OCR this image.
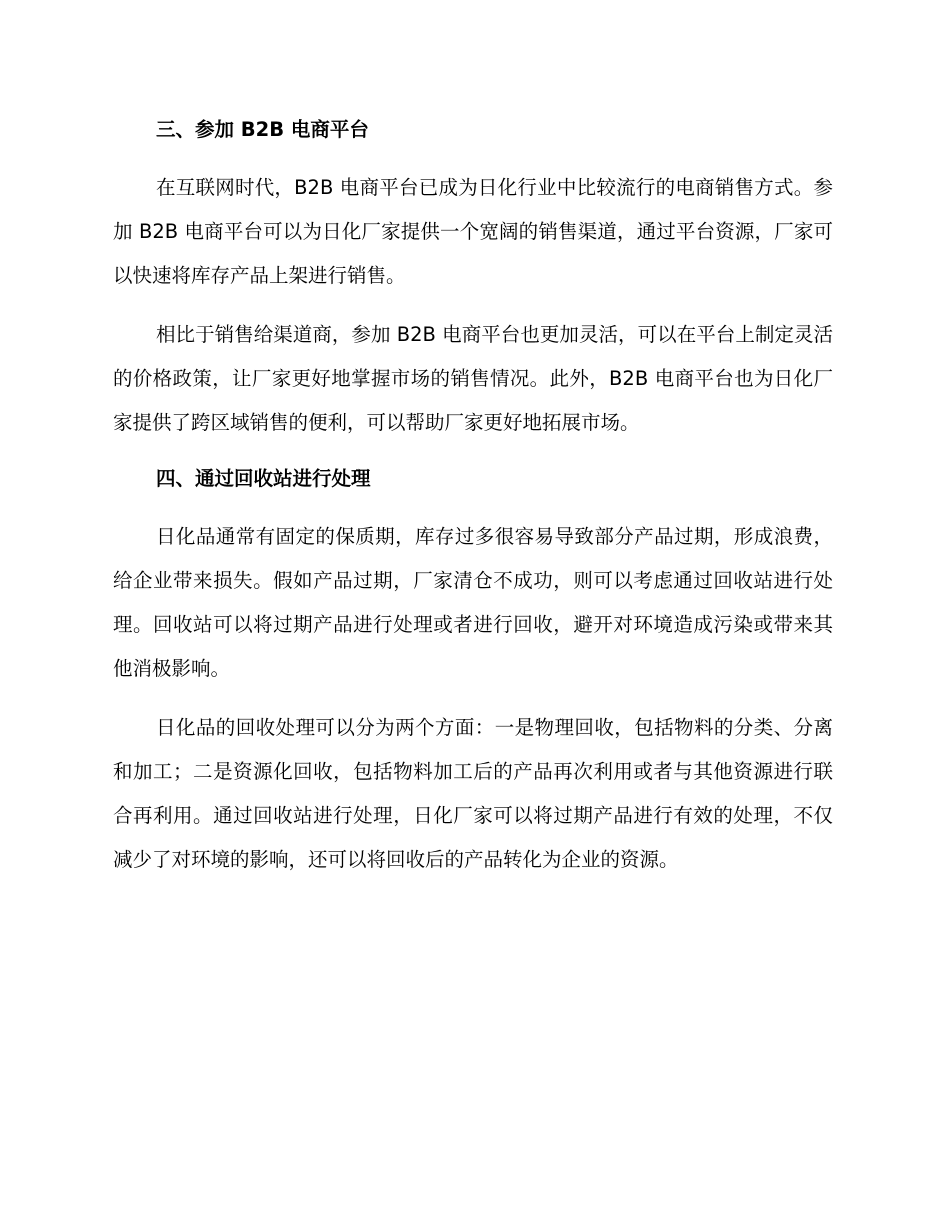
三、参加 B2B 电商平台

在互联网时代，B2B 电商平台已成为日化行业中比较流行的电商销售方式。参加 B2B 电商平台可以为日化厂家提供一个宽阔的销售渠道，通过平台资源，厂家可以快速将库存产品上架进行销售。

相比于销售给渠道商，参加 B2B 电商平台也更加灵活，可以在平台上制定灵活的价格政策，让厂家更好地掌握市场的销售情况。此外，B2B 电商平台也为日化厂家提供了跨区域销售的便利，可以帮助厂家更好地拓展市场。

四、通过回收站进行处理

日化品通常有固定的保质期，库存过多很容易导致部分产品过期，形成浪费，给企业带来损失。假如产品过期，厂家清仓不成功，则可以考虑通过回收站进行处理。回收站可以将过期产品进行处理或者进行回收，避开对环境造成污染或带来其他消极影响。

日化品的回收处理可以分为两个方面：一是物理回收，包括物料的分类、分离和加工；二是资源化回收，包括物料加工后的产品再次利用或者与其他资源进行联合再利用。通过回收站进行处理，日化厂家可以将过期产品进行有效的处理，不仅减少了对环境的影响，还可以将回收后的产品转化为企业的资源。
